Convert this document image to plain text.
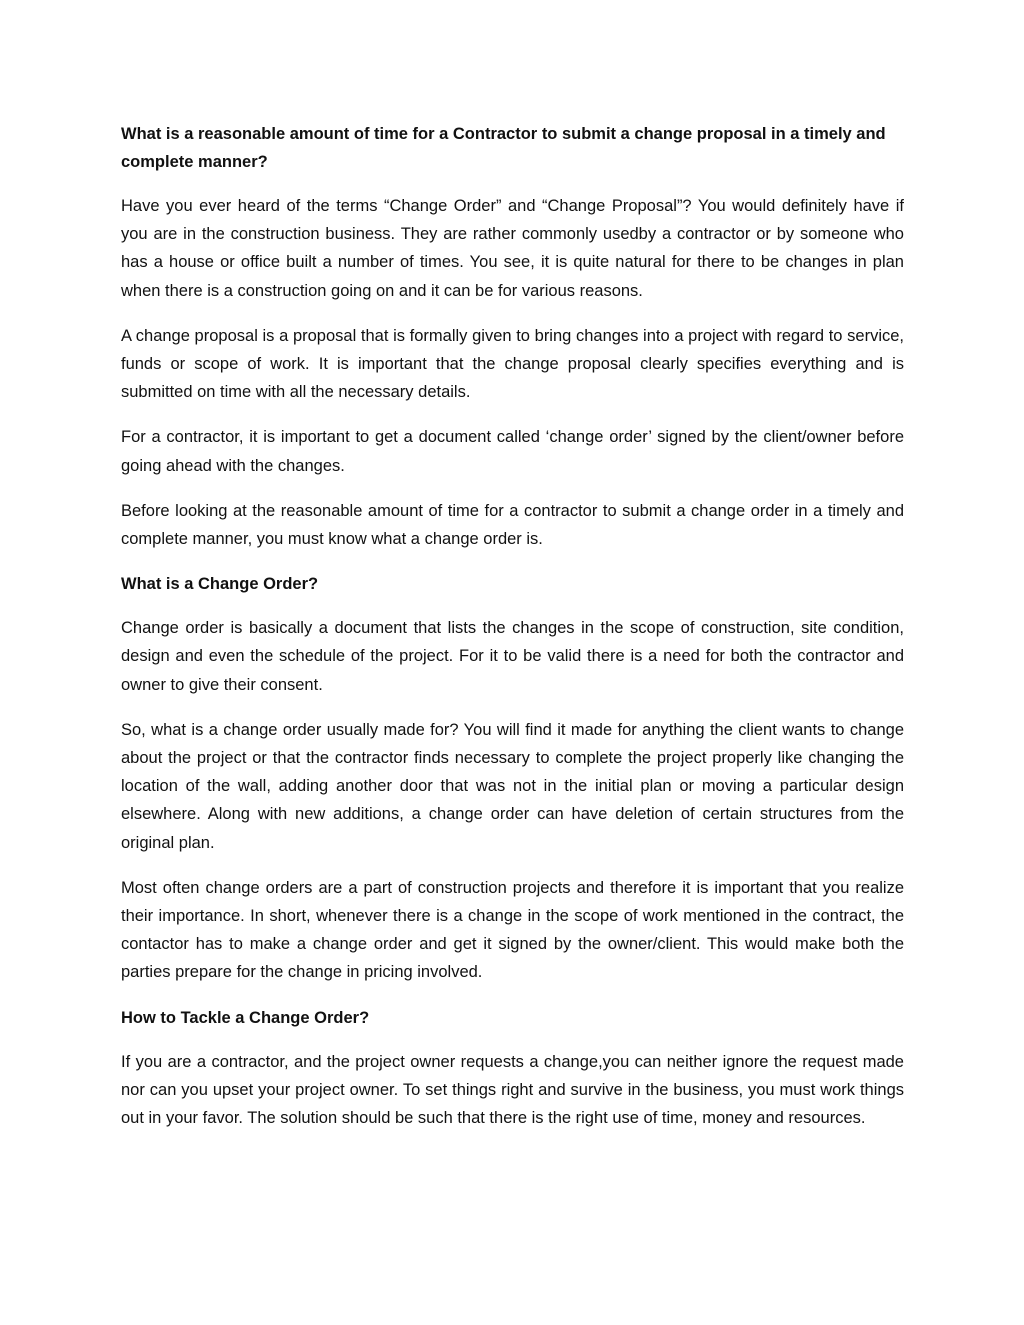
What is a reasonable amount of time for a Contractor to submit a change proposal in a timely and complete manner?

Have you ever heard of the terms “Change Order” and “Change Proposal”? You would definitely have if you are in the construction business. They are rather commonly usedby a contractor or by someone who has a house or office built a number of times. You see, it is quite natural for there to be changes in plan when there is a construction going on and it can be for various reasons.

A change proposal is a proposal that is formally given to bring changes into a project with regard to service, funds or scope of work. It is important that the change proposal clearly specifies everything and is submitted on time with all the necessary details.

For a contractor, it is important to get a document called ‘change order’ signed by the client/owner before going ahead with the changes.

Before looking at the reasonable amount of time for a contractor to submit a change order in a timely and complete manner, you must know what a change order is.

What is a Change Order?

Change order is basically a document that lists the changes in the scope of construction, site condition, design and even the schedule of the project. For it to be valid there is a need for both the contractor and owner to give their consent.

So, what is a change order usually made for? You will find it made for anything the client wants to change about the project or that the contractor finds necessary to complete the project properly like changing the location of the wall, adding another door that was not in the initial plan or moving a particular design elsewhere. Along with new additions, a change order can have deletion of certain structures from the original plan.

Most often change orders are a part of construction projects and therefore it is important that you realize their importance. In short, whenever there is a change in the scope of work mentioned in the contract, the contactor has to make a change order and get it signed by the owner/client. This would make both the parties prepare for the change in pricing involved.

How to Tackle a Change Order?

If you are a contractor, and the project owner requests a change,you can neither ignore the request made nor can you upset your project owner. To set things right and survive in the business, you must work things out in your favor. The solution should be such that there is the right use of time, money and resources.
